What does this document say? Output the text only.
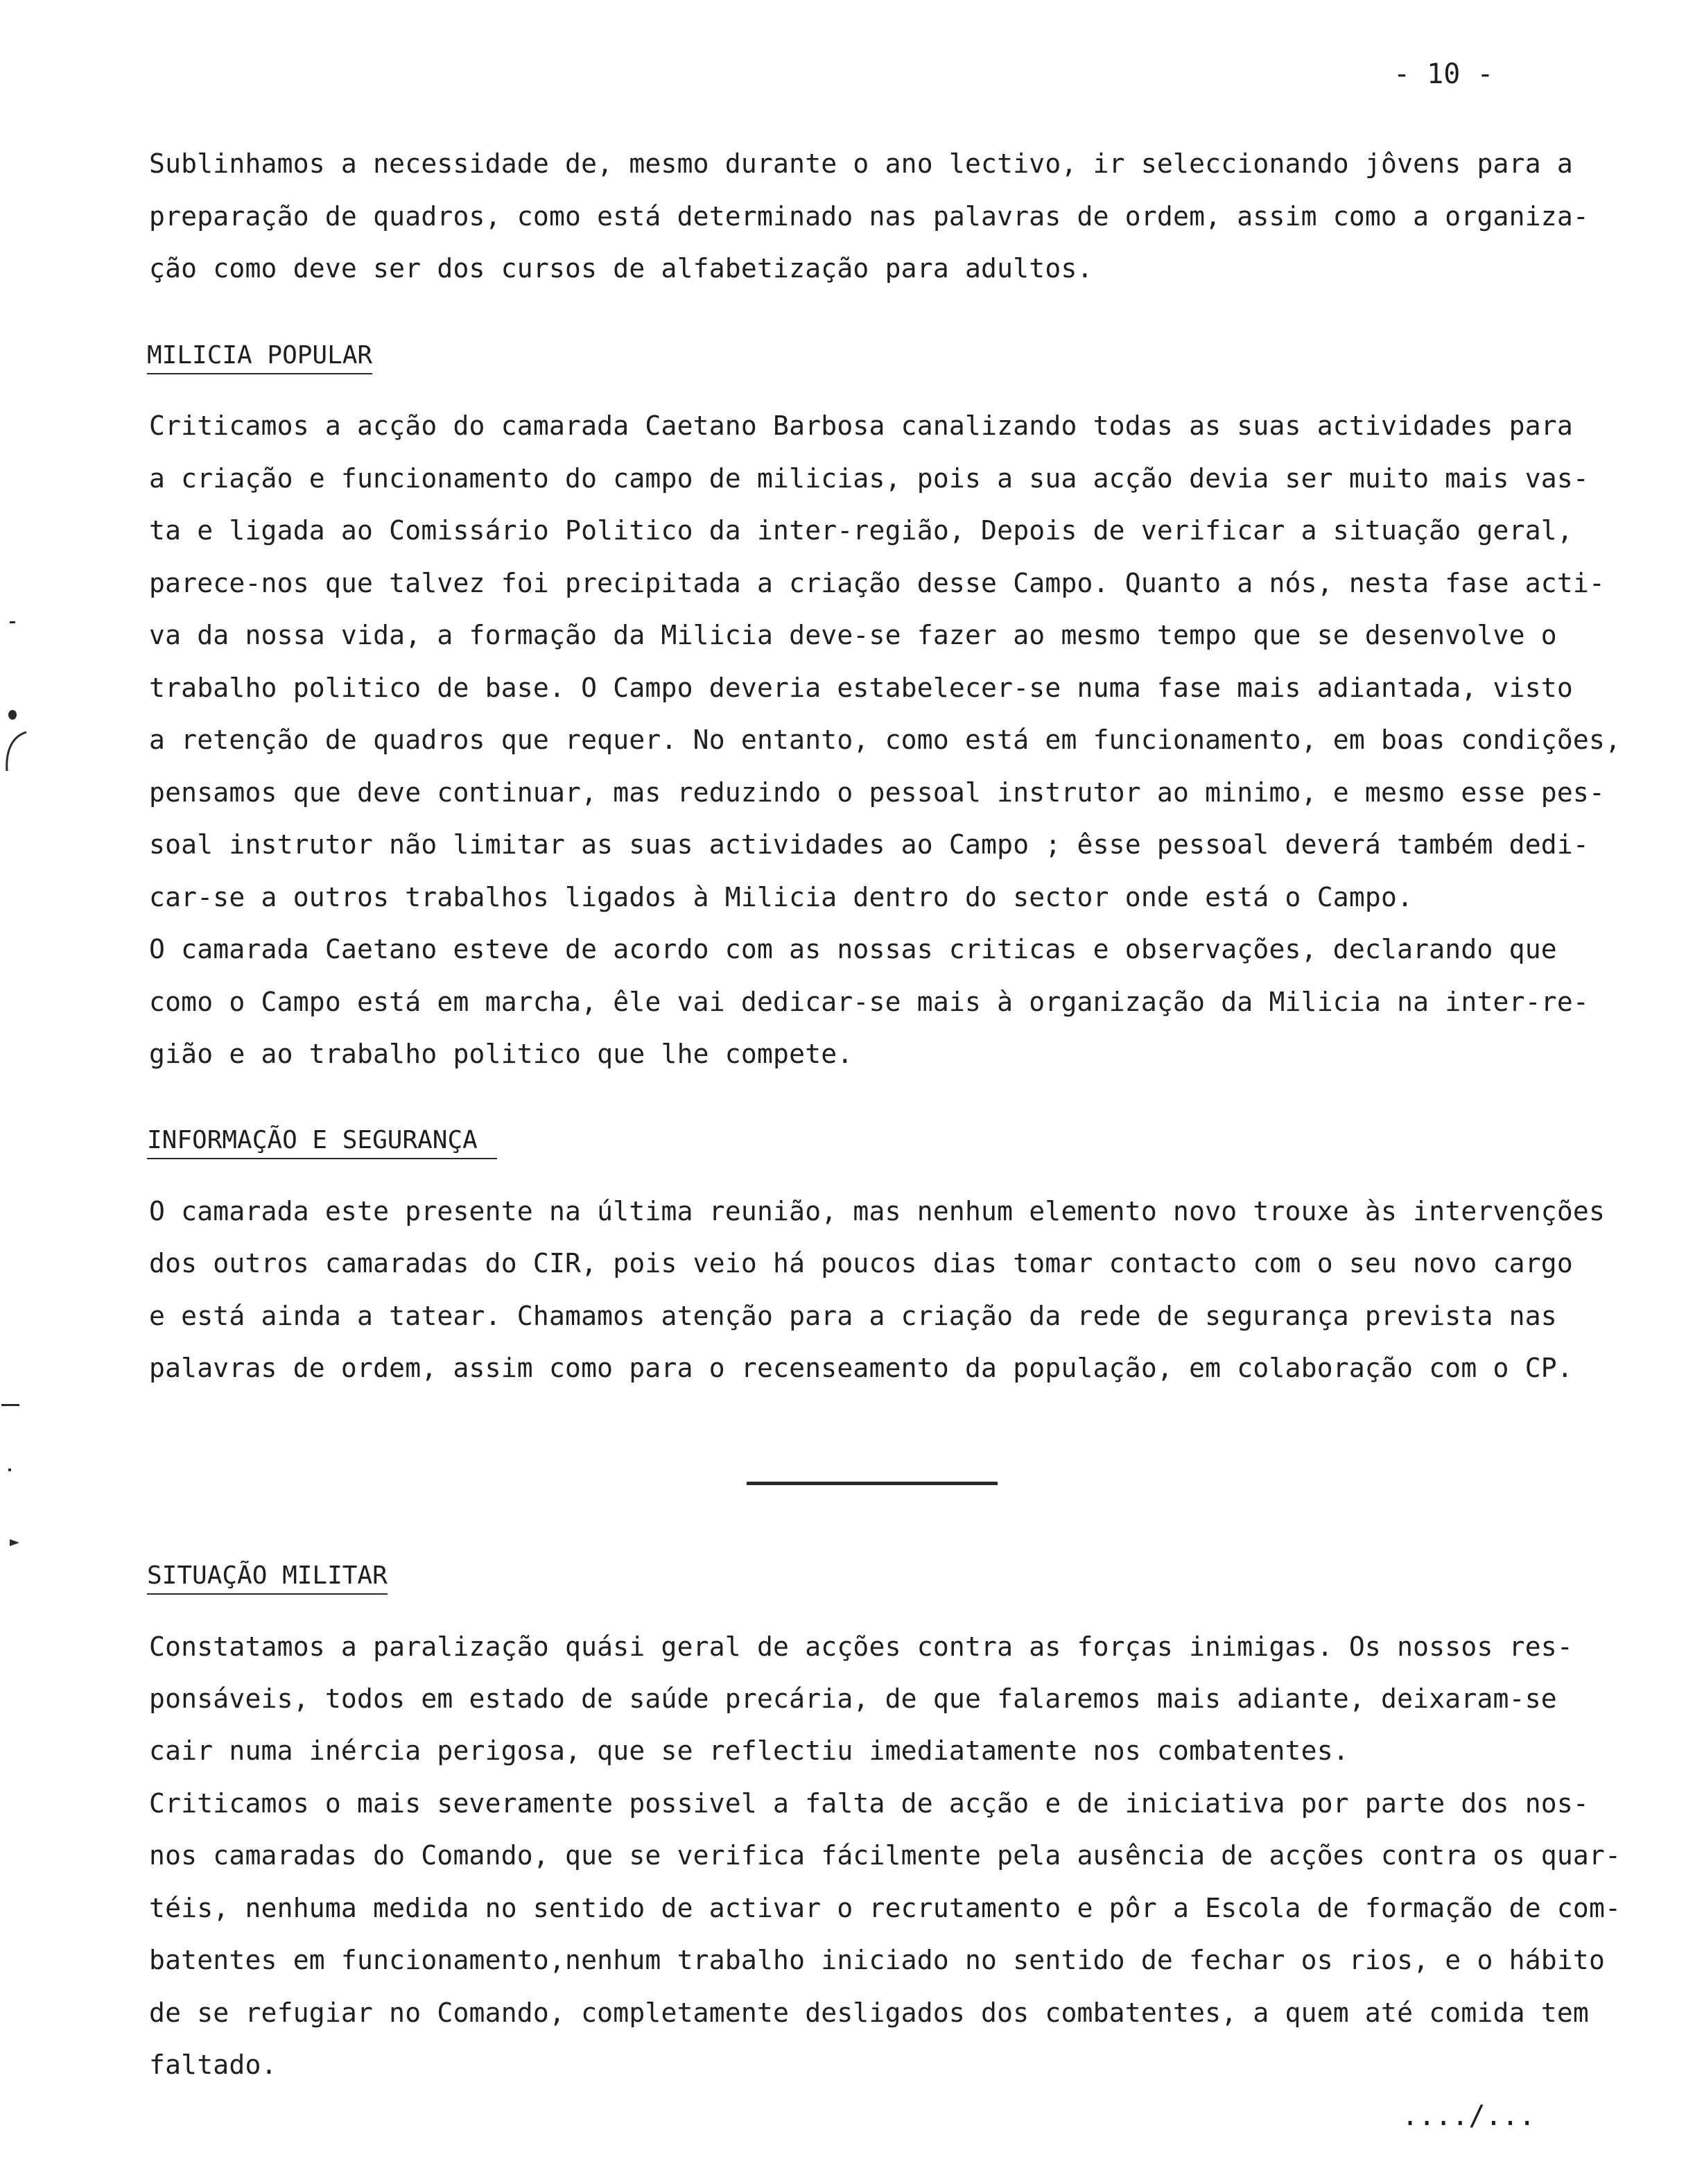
- 10 -
Sublinhamos a necessidade de, mesmo durante o ano lectivo, ir seleccionando jôvens para a
preparação de quadros, como está determinado nas palavras de ordem, assim como a organiza-
ção como deve ser dos cursos de alfabetização para adultos.
MILICIA POPULAR
Criticamos a acção do camarada Caetano Barbosa canalizando todas as suas actividades para
a criação e funcionamento do campo de milicias, pois a sua acção devia ser muito mais vas-
ta e ligada ao Comissário Politico da inter-região, Depois de verificar a situação geral,
parece-nos que talvez foi precipitada a criação desse Campo. Quanto a nós, nesta fase acti-
va da nossa vida, a formação da Milicia deve-se fazer ao mesmo tempo que se desenvolve o
trabalho politico de base. O Campo deveria estabelecer-se numa fase mais adiantada, visto
a retenção de quadros que requer. No entanto, como está em funcionamento, em boas condições,
pensamos que deve continuar, mas reduzindo o pessoal instrutor ao minimo, e mesmo esse pes-
soal instrutor não limitar as suas actividades ao Campo ; êsse pessoal deverá também dedi-
car-se a outros trabalhos ligados à Milicia dentro do sector onde está o Campo.
O camarada Caetano esteve de acordo com as nossas criticas e observações, declarando que
como o Campo está em marcha, êle vai dedicar-se mais à organização da Milicia na inter-re-
gião e ao trabalho politico que lhe compete.
INFORMAÇÃO E SEGURANÇA
O camarada este presente na última reunião, mas nenhum elemento novo trouxe às intervenções
dos outros camaradas do CIR, pois veio há poucos dias tomar contacto com o seu novo cargo
e está ainda a tatear. Chamamos atenção para a criação da rede de segurança prevista nas
palavras de ordem, assim como para o recenseamento da população, em colaboração com o CP.
SITUAÇÃO MILITAR
Constatamos a paralização quási geral de acções contra as forças inimigas. Os nossos res-
ponsáveis, todos em estado de saúde precária, de que falaremos mais adiante, deixaram-se
cair numa inércia perigosa, que se reflectiu imediatamente nos combatentes.
Criticamos o mais severamente possivel a falta de acção e de iniciativa por parte dos nos-
nos camaradas do Comando, que se verifica fácilmente pela ausência de acções contra os quar-
téis, nenhuma medida no sentido de activar o recrutamento e pôr a Escola de formação de com-
batentes em funcionamento,nenhum trabalho iniciado no sentido de fechar os rios, e o hábito
de se refugiar no Comando, completamente desligados dos combatentes, a quem até comida tem
faltado.
..../...
